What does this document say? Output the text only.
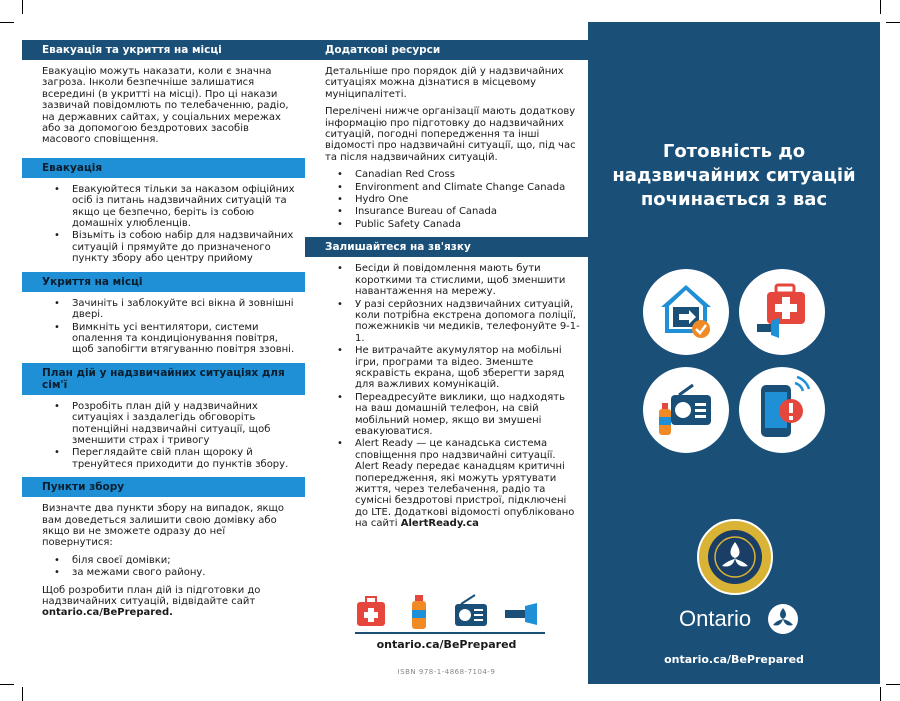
Евакуація та укриття на місці

Евакуацію можуть наказати, коли є значна загроза. Інколи безпечніше залишатися всередині (в укритті на місці). Про ці накази зазвичай повідомлють по телебаченню, радіо, на державних сайтах, у соціальних мережах або за допомогою бездротових засобів масового сповіщення.

Евакуація
• Евакуюйтеся тільки за наказом офіційних осіб із питань надзвичайних ситуацій та якщо це безпечно, беріть із собою домашніх улюбленців.
• Візьміть із собою набір для надзвичайних ситуацій і прямуйте до призначеного пункту збору або центру прийому
Укриття на місці
• Зачиніть і заблокуйте всі вікна й зовнішні двері.
• Вимкніть усі вентилятори, системи опалення та кондиціонування повітря, щоб запобігти втягуванню повітря ззовні.
План дій у надзвичайних ситуаціях для сім'ї
• Розробіть план дій у надзвичайних ситуаціях і заздалегідь обговоріть потенційні надзвичайні ситуації, щоб зменшити страх і тривогу
• Переглядайте свій план щороку й тренуйтеся приходити до пунктів збору.
Пункти збору

Визначте два пункти збору на випадок, якщо вам доведеться залишити свою домівку або якщо ви не зможете одразу до неї повернутися:

• біля своєї домівки;
• за межами свого району.

Щоб розробити план дій із підготовки до надзвичайних ситуацій, відвідайте сайт ontario.ca/BePrepared.

Додаткові ресурси

Детальніше про порядок дій у надзвичайних ситуаціях можна дізнатися в місцевому муніципалітеті.

Перелічені нижче організації мають додаткову інформацію про підготовку до надзвичайних ситуацій, погодні попередження та інші відомості про надзвичайні ситуації, що, під час та після надзвичайних ситуацій.

• Canadian Red Cross
• Environment and Climate Change Canada
• Hydro One
• Insurance Bureau of Canada
• Public Safety Canada
Залишайтеся на зв'язку
• Бесіди й повідомлення мають бути короткими та стислими, щоб зменшити навантаження на мережу.
• У разі серйозних надзвичайних ситуацій, коли потрібна екстрена допомога поліції, пожежників чи медиків, телефонуйте 9-1-1.
• Не витрачайте акумулятор на мобільні ігри, програми та відео. Зменште яскравість екрана, щоб зберегти заряд для важливих комунікацій.
• Переадресуйте виклики, що надходять на ваш домашній телефон, на свій мобільний номер, якщо ви змушені евакуюватися.
• Alert Ready — це канадська система сповіщення про надзвичайні ситуації. Alert Ready передає канадцям критичні попередження, які можуть урятувати життя, через телебачення, радіо та сумісні бездротові пристрої, підключені до LTE. Додаткові відомості опубліковано на сайті AlertReady.ca
ontario.ca/BePrepared
ISBN 978-1-4868-7104-9
Готовність до надзвичайних ситуацій починається з вас
Ontario
ontario.ca/BePrepared
